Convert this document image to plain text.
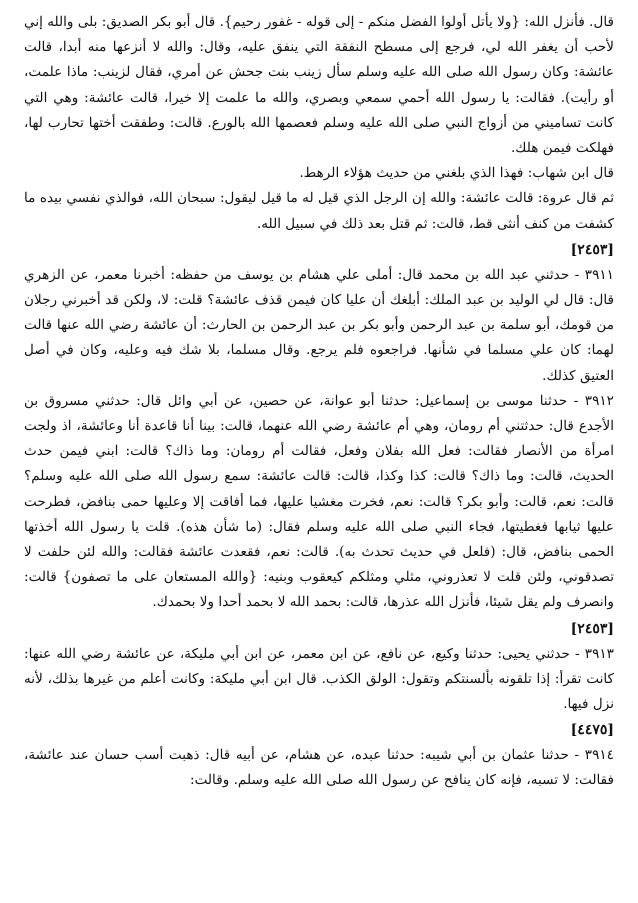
قال. فأنزل الله: {ولا يأتل أولوا الفضل منكم - إلى قوله - غفور رحيم}. قال أبو بكر الصديق: بلى والله إني لأحب أن يغفر الله لي، فرجع إلى مسطح النفقة التي ينفق عليه، وقال: والله لا أنزعها منه أبدا، قالت عائشة: وكان رسول الله صلى الله عليه وسلم سأل زينب بنت جحش عن أمري، فقال لزينب: ماذا علمت، أو رأيت). فقالت: يا رسول الله أحمي سمعي وبصري، والله ما علمت إلا خيرا، قالت عائشة: وهي التي كانت تساميني من أزواج النبي صلى الله عليه وسلم فعصمها الله بالورع. قالت: وطفقت أختها تحارب لها، فهلكت فيمن هلك.

قال ابن شهاب: فهذا الذي بلغني من حديث هؤلاء الرهط.

ثم قال عروة: قالت عائشة: والله إن الرجل الذي قيل له ما قيل ليقول: سبحان الله، فوالذي نفسي بيده ما كشفت من كنف أنثى قط، قالت: ثم قتل بعد ذلك في سبيل الله.

[٢٤٥٣]

٣٩١١ - حدثني عبد الله بن محمد قال: أملى علي هشام بن يوسف من حفظه: أخبرنا معمر، عن الزهري قال: قال لي الوليد بن عبد الملك: أبلغك أن عليا كان فيمن قذف عائشة؟ قلت: لا، ولكن قد أخبرني رجلان من قومك، أبو سلمة بن عبد الرحمن وأبو بكر بن عبد الرحمن بن الحارث: أن عائشة رضي الله عنها قالت لهما: كان علي مسلما في شأنها. فراجعوه فلم يرجع. وقال مسلما، بلا شك فيه وعليه، وكان في أصل العتيق كذلك.

٣٩١٢ - حدثنا موسى بن إسماعيل: حدثنا أبو عوانة، عن حصين، عن أبي وائل قال: حدثني مسروق بن الأجدع قال: حدثتني أم رومان، وهي أم عائشة رضي الله عنهما، قالت: بينا أنا قاعدة أنا وعائشة، اذ ولجت امرأة من الأنصار فقالت: فعل الله بفلان وفعل، فقالت أم رومان: وما ذاك؟ قالت: ابني فيمن حدث الحديث، قالت: وما ذاك؟ قالت: كذا وكذا، قالت: قالت عائشة: سمع رسول الله صلى الله عليه وسلم؟ قالت: نعم، قالت: وأبو بكر؟ قالت: نعم، فخرت مغشيا عليها، فما أفاقت إلا وعليها حمى بنافض، فطرحت عليها ثيابها فغطيتها، فجاء النبي صلى الله عليه وسلم فقال: (ما شأن هذه). قلت يا رسول الله أخذتها الحمى بنافض، قال: (فلعل في حديث تحدث به). قالت: نعم، فقعدت عائشة فقالت: والله لئن حلفت لا تصدقوني، ولئن قلت لا تعذروني، مثلي ومثلكم كيعقوب وبنيه: {والله المستعان على ما تصفون} قالت: وانصرف ولم يقل شيئا، فأنزل الله عذرها، قالت: بحمد الله لا بحمد أحدا ولا بحمدك.

[٢٤٥٣]

٣٩١٣ - حدثني يحيى: حدثنا وكيع، عن نافع، عن ابن معمر، عن ابن أبي مليكة، عن عائشة رضي الله عنها: كانت تقرأ: إذا تلقونه بألسنتكم وتقول: الولق الكذب. قال ابن أبي مليكة: وكانت أعلم من غيرها بذلك، لأنه نزل فيها.

[٤٤٧٥]

٣٩١٤ - حدثنا عثمان بن أبي شيبه: حدثنا عبده، عن هشام، عن أبيه قال: ذهبت أسب حسان عند عائشة، فقالت: لا تسبه، فإنه كان ينافح عن رسول الله صلى الله عليه وسلم. وقالت:
